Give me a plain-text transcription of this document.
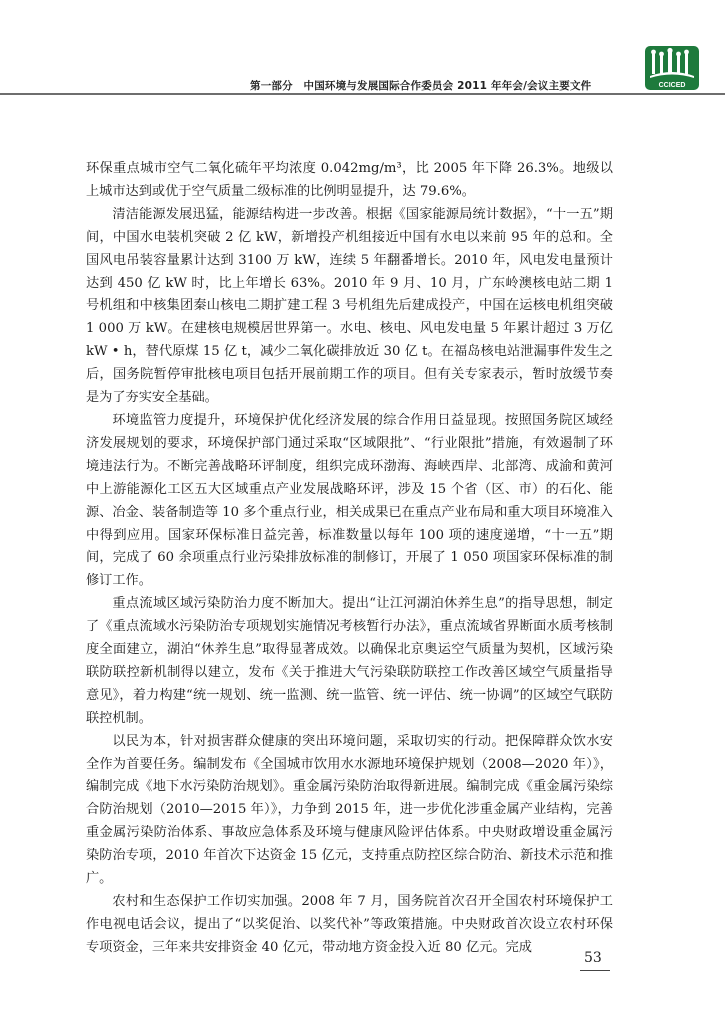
第一部分　中国环境与发展国际合作委员会 2011 年年会/会议主要文件	CCICED

环保重点城市空气二氧化硫年平均浓度 0.042mg/m³，比 2005 年下降 26.3%。地级以上城市达到或优于空气质量二级标准的比例明显提升，达 79.6%。

清洁能源发展迅猛，能源结构进一步改善。根据《国家能源局统计数据》，“十一五”期间，中国水电装机突破 2 亿 kW，新增投产机组接近中国有水电以来前 95 年的总和。全国风电吊装容量累计达到 3100 万 kW，连续 5 年翻番增长。2010 年，风电发电量预计达到 450 亿 kW 时，比上年增长 63%。2010 年 9 月、10 月，广东岭澳核电站二期 1 号机组和中核集团秦山核电二期扩建工程 3 号机组先后建成投产，中国在运核电机组突破 1 000 万 kW。在建核电规模居世界第一。水电、核电、风电发电量 5 年累计超过 3 万亿 kW • h，替代原煤 15 亿 t，减少二氧化碳排放近 30 亿 t。在福岛核电站泄漏事件发生之后，国务院暂停审批核电项目包括开展前期工作的项目。但有关专家表示，暂时放缓节奏是为了夯实安全基础。

环境监管力度提升，环境保护优化经济发展的综合作用日益显现。按照国务院区域经济发展规划的要求，环境保护部门通过采取“区域限批”、“行业限批”措施，有效遏制了环境违法行为。不断完善战略环评制度，组织完成环渤海、海峡西岸、北部湾、成渝和黄河中上游能源化工区五大区域重点产业发展战略环评，涉及 15 个省（区、市）的石化、能源、冶金、装备制造等 10 多个重点行业，相关成果已在重点产业布局和重大项目环境准入中得到应用。国家环保标准日益完善，标准数量以每年 100 项的速度递增，“十一五”期间，完成了 60 余项重点行业污染排放标准的制修订，开展了 1 050 项国家环保标准的制修订工作。

重点流域区域污染防治力度不断加大。提出“让江河湖泊休养生息”的指导思想，制定了《重点流域水污染防治专项规划实施情况考核暂行办法》，重点流域省界断面水质考核制度全面建立，湖泊“休养生息”取得显著成效。以确保北京奥运空气质量为契机，区域污染联防联控新机制得以建立，发布《关于推进大气污染联防联控工作改善区域空气质量指导意见》，着力构建“统一规划、统一监测、统一监管、统一评估、统一协调”的区域空气联防联控机制。

以民为本，针对损害群众健康的突出环境问题，采取切实的行动。把保障群众饮水安全作为首要任务。编制发布《全国城市饮用水水源地环境保护规划（2008—2020 年）》，编制完成《地下水污染防治规划》。重金属污染防治取得新进展。编制完成《重金属污染综合防治规划（2010—2015 年）》，力争到 2015 年，进一步优化涉重金属产业结构，完善重金属污染防治体系、事故应急体系及环境与健康风险评估体系。中央财政增设重金属污染防治专项，2010 年首次下达资金 15 亿元，支持重点防控区综合防治、新技术示范和推广。

农村和生态保护工作切实加强。2008 年 7 月，国务院首次召开全国农村环境保护工作电视电话会议，提出了“以奖促治、以奖代补”等政策措施。中央财政首次设立农村环保专项资金，三年来共安排资金 40 亿元，带动地方资金投入近 80 亿元。完成

53
